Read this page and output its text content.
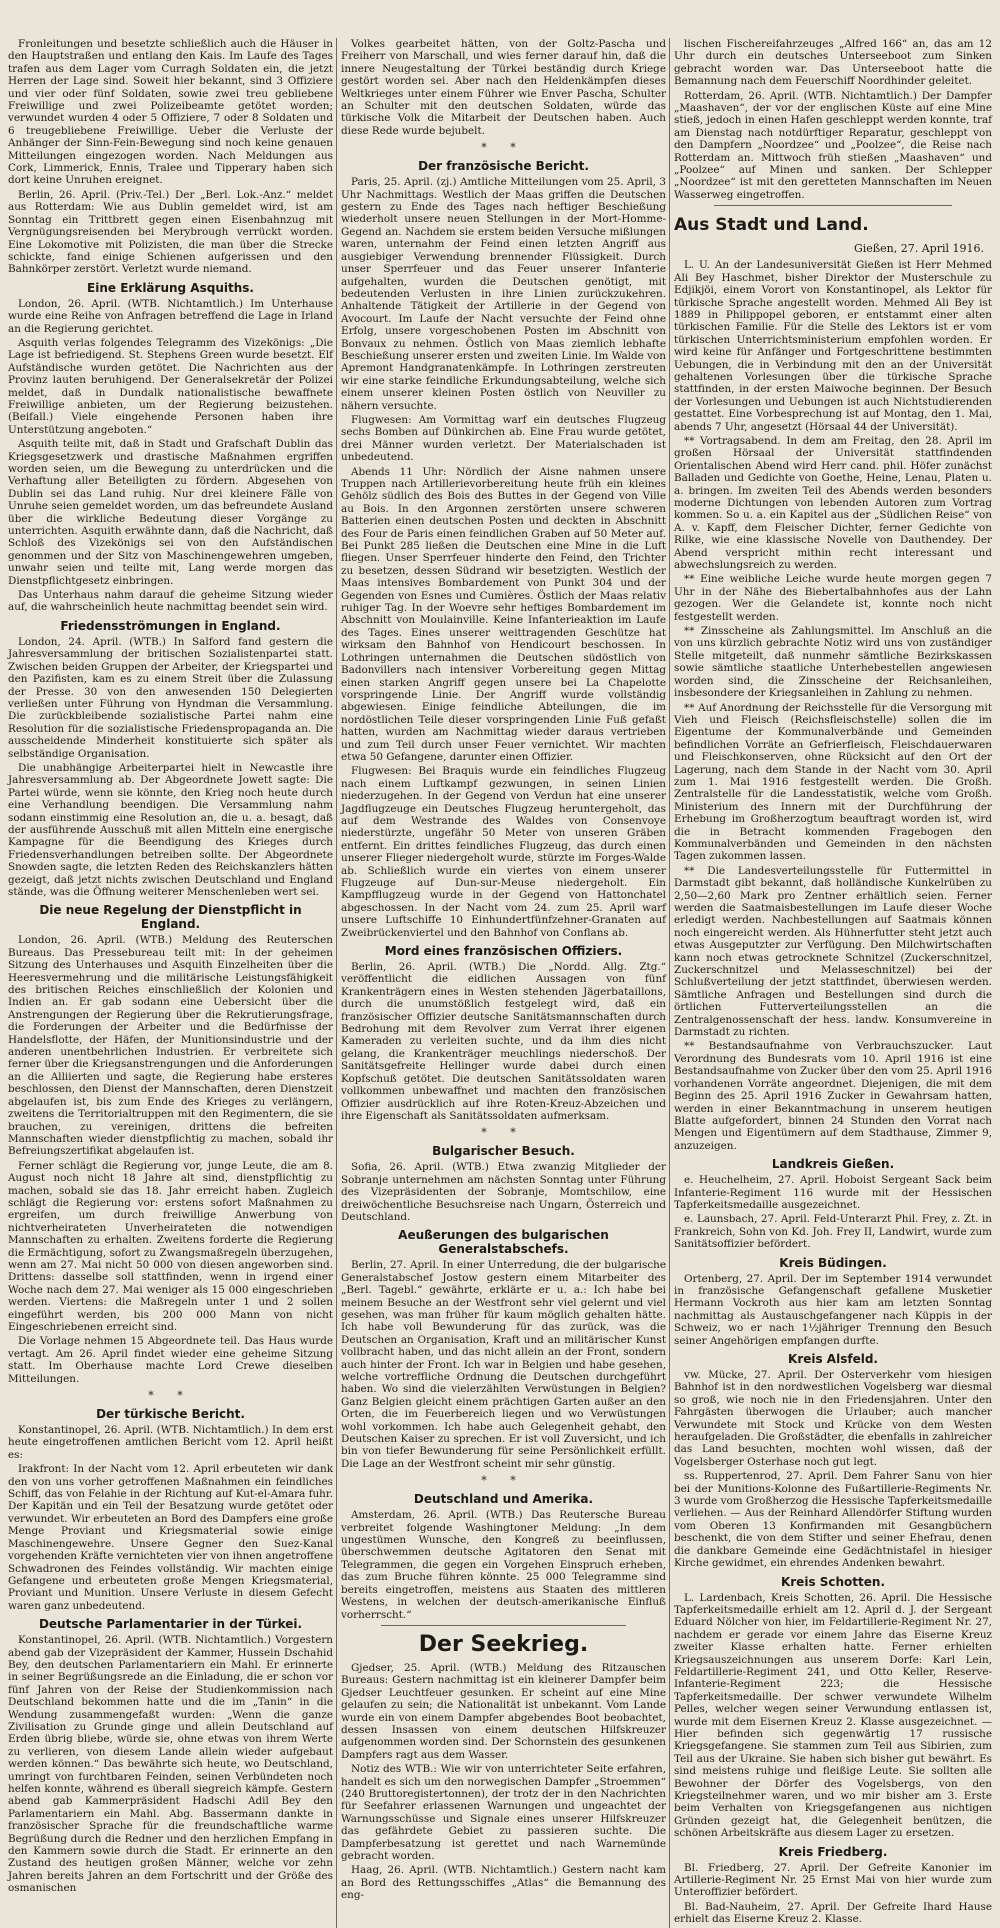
Fronleitungen und besetzte schließlich auch die Häuser in den Hauptstraßen und entlang den Kais. Im Laufe des Tages trafen aus dem Lager vom Curragh Soldaten ein, die jetzt Herren der Lage sind. Soweit hier bekannt, sind 3 Offiziere und vier oder fünf Soldaten, sowie zwei treu gebliebene Freiwillige und zwei Polizeibeamte getötet worden; verwundet wurden 4 oder 5 Offiziere, 7 oder 8 Soldaten und 6 treugebliebene Freiwillige. Ueber die Verluste der Anhänger der Sinn-Fein-Bewegung sind noch keine genauen Mitteilungen eingezogen worden. Nach Meldungen aus Cork, Limmerick, Ennis, Tralee und Tipperary haben sich dort keine Unruhen ereignet.

Berlin, 26. April. (Priv.-Tel.) Der „Berl. Lok.-Anz.“ meldet aus Rotterdam: Wie aus Dublin gemeldet wird, ist am Sonntag ein Trittbrett gegen einen Eisenbahnzug mit Vergnügungsreisenden bei Merybrough verrückt worden. Eine Lokomotive mit Polizisten, die man über die Strecke schickte, fand einige Schienen aufgerissen und den Bahnkörper zerstört. Verletzt wurde niemand.

Eine Erklärung Asquiths.

London, 26. April. (WTB. Nichtamtlich.) Im Unterhause wurde eine Reihe von Anfragen betreffend die Lage in Irland an die Regierung gerichtet.

Asquith verlas folgendes Telegramm des Vizekönigs: „Die Lage ist befriedigend. St. Stephens Green wurde besetzt. Elf Aufständische wurden getötet. Die Nachrichten aus der Provinz lauten beruhigend. Der Generalsekretär der Polizei meldet, daß in Dundalk nationalistische bewaffnete Freiwillige anbieten, um der Regierung beizustehen. (Beifall.) Viele eingehende Personen haben ihre Unterstützung angeboten.“

Asquith teilte mit, daß in Stadt und Grafschaft Dublin das Kriegsgesetzwerk und drastische Maßnahmen ergriffen worden seien, um die Bewegung zu unterdrücken und die Verhaftung aller Beteiligten zu fördern. Abgesehen von Dublin sei das Land ruhig. Nur drei kleinere Fälle von Unruhe seien gemeldet worden, um das befreundete Ausland über die wirkliche Bedeutung dieser Vorgänge zu unterrichten. Asquith erwähnte dann, daß die Nachricht, daß Schloß des Vizekönigs sei von den Aufständischen genommen und der Sitz von Maschinengewehren umgeben, unwahr seien und teilte mit, Lang werde morgen das Dienstpflichtgesetz einbringen.

Das Unterhaus nahm darauf die geheime Sitzung wieder auf, die wahrscheinlich heute nachmittag beendet sein wird.

Friedensströmungen in England.

London, 24. April. (WTB.) In Salford fand gestern die Jahresversammlung der britischen Sozialistenpartei statt. Zwischen beiden Gruppen der Arbeiter, der Kriegspartei und den Pazifisten, kam es zu einem Streit über die Zulassung der Presse. 30 von den anwesenden 150 Delegierten verließen unter Führung von Hyndman die Versammlung. Die zurückbleibende sozialistische Partei nahm eine Resolution für die sozialistische Friedenspropaganda an. Die ausscheidende Minderheit konstituierte sich später als selbständige Organisation.

Die unabhängige Arbeiterpartei hielt in Newcastle ihre Jahresversammlung ab. Der Abgeordnete Jowett sagte: Die Partei würde, wenn sie könnte, den Krieg noch heute durch eine Verhandlung beendigen. Die Versammlung nahm sodann einstimmig eine Resolution an, die u. a. besagt, daß der ausführende Ausschuß mit allen Mitteln eine energische Kampagne für die Beendigung des Krieges durch Friedensverhandlungen betreiben sollte. Der Abgeordnete Snowden sagte, die letzten Reden des Reichskanzlers hätten gezeigt, daß jetzt nichts zwischen Deutschland und England stände, was die Öffnung weiterer Menschenleben wert sei.

Die neue Regelung der Dienstpflicht in England.

London, 26. April. (WTB.) Meldung des Reuterschen Bureaus. Das Pressebureau teilt mit: In der geheimen Sitzung des Unterhauses und Asquith Einzelheiten über die Heeresvermehrung und die militärische Leistungsfähigkeit des britischen Reiches einschließlich der Kolonien und Indien an. Er gab sodann eine Uebersicht über die Anstrengungen der Regierung über die Rekrutierungsfrage, die Forderungen der Arbeiter und die Bedürfnisse der Handelsflotte, der Häfen, der Munitionsindustrie und der anderen unentbehrlichen Industrien. Er verbreitete sich ferner über die Kriegsanstrengungen und die Anforderungen an die Alliierten und sagte, die Regierung habe ersteres beschlossen, den Dienst der Mannschaften, deren Dienstzeit abgelaufen ist, bis zum Ende des Krieges zu verlängern, zweitens die Territorialtruppen mit den Regimentern, die sie brauchen, zu vereinigen, drittens die befreiten Mannschaften wieder dienstpflichtig zu machen, sobald ihr Befreiungszertifikat abgelaufen ist.

Ferner schlägt die Regierung vor, junge Leute, die am 8. August noch nicht 18 Jahre alt sind, dienstpflichtig zu machen, sobald sie das 18. Jahr erreicht haben. Zugleich schlägt die Regierung vor: erstens sofort Maßnahmen zu ergreifen, um durch freiwillige Anwerbung von nichtverheirateten Unverheirateten die notwendigen Mannschaften zu erhalten. Zweitens forderte die Regierung die Ermächtigung, sofort zu Zwangsmaßregeln überzugehen, wenn am 27. Mai nicht 50 000 von diesen angeworben sind. Drittens: dasselbe soll stattfinden, wenn in irgend einer Woche nach dem 27. Mai weniger als 15 000 eingeschrieben werden. Viertens: die Maßregeln unter 1 und 2 sollen eingeführt werden, bis 200 000 Mann von nicht Eingeschriebenen erreicht sind.

Die Vorlage nehmen 15 Abgeordnete teil. Das Haus wurde vertagt. Am 26. April findet wieder eine geheime Sitzung statt. Im Oberhause machte Lord Crewe dieselben Mitteilungen.

* *
Der türkische Bericht.

Konstantinopel, 26. April. (WTB. Nichtamtlich.) In dem erst heute eingetroffenen amtlichen Bericht vom 12. April heißt es:

Irakfront: In der Nacht vom 12. April erbeuteten wir dank den von uns vorher getroffenen Maßnahmen ein feindliches Schiff, das von Felahie in der Richtung auf Kut-el-Amara fuhr. Der Kapitän und ein Teil der Besatzung wurde getötet oder verwundet. Wir erbeuteten an Bord des Dampfers eine große Menge Proviant und Kriegsmaterial sowie einige Maschinengewehre. Unsere Gegner den Suez-Kanal vorgehenden Kräfte vernichteten vier von ihnen angetroffene Schwadronen des Feindes vollständig. Wir machten einige Gefangene und erbeuteten große Mengen Kriegsmaterial, Proviant und Munition. Unsere Verluste in diesem Gefecht waren ganz unbedeutend.

Deutsche Parlamentarier in der Türkei.

Konstantinopel, 26. April. (WTB. Nichtamtlich.) Vorgestern abend gab der Vizepräsident der Kammer, Hussein Dschahid Bey, den deutschen Parlamentariern ein Mahl. Er erinnerte in seiner Begrüßungsrede an die Einladung, die er schon vor fünf Jahren von der Reise der Studienkommission nach Deutschland bekommen hatte und die im „Tanin“ in die Wendung zusammengefaßt wurden: „Wenn die ganze Zivilisation zu Grunde ginge und allein Deutschland auf Erden übrig bliebe, würde sie, ohne etwas von ihrem Werte zu verlieren, von diesem Lande allein wieder aufgebaut werden können.“ Das bewährte sich heute, wo Deutschland, umringt von furchtbaren Feinden, seinen Verbündeten noch helfen konnte, während es überall siegreich kämpfe. Gestern abend gab Kammerpräsident Hadschi Adil Bey den Parlamentariern ein Mahl. Abg. Bassermann dankte in französischer Sprache für die freundschaftliche warme Begrüßung durch die Redner und den herzlichen Empfang in den Kammern sowie durch die Stadt. Er erinnerte an den Zustand des heutigen großen Männer, welche vor zehn Jahren bereits Jahren an dem Fortschritt und der Größe des osmanischen

Volkes gearbeitet hätten, von der Goltz-Pascha und Freiherr von Marschall, und wies ferner darauf hin, daß die innere Neugestaltung der Türkei beständig durch Kriege gestört worden sei. Aber nach den Heldenkämpfen dieses Weltkrieges unter einem Führer wie Enver Pascha, Schulter an Schulter mit den deutschen Soldaten, würde das türkische Volk die Mitarbeit der Deutschen haben. Auch diese Rede wurde bejubelt.

* *
Der französische Bericht.

Paris, 25. April. (zj.) Amtliche Mitteilungen vom 25. April, 3 Uhr Nachmittags. Westlich der Maas griffen die Deutschen gestern zu Ende des Tages nach heftiger Beschießung wiederholt unsere neuen Stellungen in der Mort-Homme-Gegend an. Nachdem sie erstem beiden Versuche mißlungen waren, unternahm der Feind einen letzten Angriff aus ausgiebiger Verwendung brennender Flüssigkeit. Durch unser Sperrfeuer und das Feuer unserer Infanterie aufgehalten, wurden die Deutschen genötigt, mit bedeutenden Verlusten in ihre Linien zurückzukehren. Anhaltende Tätigkeit der Artillerie in der Gegend von Avocourt. Im Laufe der Nacht versuchte der Feind ohne Erfolg, unsere vorgeschobenen Posten im Abschnitt von Bonvaux zu nehmen. Östlich von Maas ziemlich lebhafte Beschießung unserer ersten und zweiten Linie. Im Walde von Apremont Handgranatenkämpfe. In Lothringen zerstreuten wir eine starke feindliche Erkundungsabteilung, welche sich einem unserer kleinen Posten östlich von Neuviller zu nähern versuchte.

Flugwesen: Am Vormittag warf ein deutsches Flugzeug sechs Bomben auf Dünkirchen ab. Eine Frau wurde getötet, drei Männer wurden verletzt. Der Materialschaden ist unbedeutend.

Abends 11 Uhr: Nördlich der Aisne nahmen unsere Truppen nach Artillerievorbereitung heute früh ein kleines Gehölz südlich des Bois des Buttes in der Gegend von Ville au Bois. In den Argonnen zerstörten unsere schweren Batterien einen deutschen Posten und deckten in Abschnitt des Four de Paris einen feindlichen Graben auf 50 Meter auf. Bei Punkt 285 ließen die Deutschen eine Mine in die Luft fliegen. Unser Sperrfeuer hinderte den Feind, den Trichter zu besetzen, dessen Südrand wir besetzigten. Westlich der Maas intensives Bombardement von Punkt 304 und der Gegenden von Esnes und Cumières. Östlich der Maas relativ ruhiger Tag. In der Woevre sehr heftiges Bombardement im Abschnitt von Moulainville. Keine Infanterieaktion im Laufe des Tages. Eines unserer weittragenden Geschütze hat wirksam den Bahnhof von Hendicourt beschossen. In Lothringen unternahmen die Deutschen südöstlich von Badonvillers nach intensiver Vorbereitung gegen Mittag einen starken Angriff gegen unsere bei La Chapelotte vorspringende Linie. Der Angriff wurde vollständig abgewiesen. Einige feindliche Abteilungen, die im nordöstlichen Teile dieser vorspringenden Linie Fuß gefaßt hatten, wurden am Nachmittag wieder daraus vertrieben und zum Teil durch unser Feuer vernichtet. Wir machten etwa 50 Gefangene, darunter einen Offizier.

Flugwesen: Bei Braquis wurde ein feindliches Flugzeug nach einem Luftkampf gezwungen, in seinen Linien niederzugehen. In der Gegend von Verdun hat eine unserer Jagdflugzeuge ein Deutsches Flugzeug heruntergeholt, das auf dem Westrande des Waldes von Consenvoye niederstürzte, ungefähr 50 Meter von unseren Gräben entfernt. Ein drittes feindliches Flugzeug, das durch einen unserer Flieger niedergeholt wurde, stürzte im Forges-Walde ab. Schließlich wurde ein viertes von einem unserer Flugzeuge auf Dun-sur-Meuse niedergeholt. Ein Kampfflugzeug wurde in der Gegend von Hattonchatel abgeschossen. In der Nacht vom 24. zum 25. April warf unsere Luftschiffe 10 Einhundertfünfzehner-Granaten auf Zweibrückenviertel und den Bahnhof von Conflans ab.

Mord eines französischen Offiziers.

Berlin, 26. April. (WTB.) Die „Nordd. Allg. Ztg.“ veröffentlicht die eidlichen Aussagen von fünf Krankenträgern eines in Westen stehenden Jägerbataillons, durch die unumstößlich festgelegt wird, daß ein französischer Offizier deutsche Sanitätsmannschaften durch Bedrohung mit dem Revolver zum Verrat ihrer eigenen Kameraden zu verleiten suchte, und da ihm dies nicht gelang, die Krankenträger meuchlings niederschoß. Der Sanitätsgefreite Hellinger wurde dabei durch einen Kopfschuß getötet. Die deutschen Sanitätssoldaten waren vollkommen unbewaffnet und machten den französischen Offizier ausdrücklich auf ihre Roten-Kreuz-Abzeichen und ihre Eigenschaft als Sanitätssoldaten aufmerksam.

* *
Bulgarischer Besuch.

Sofia, 26. April. (WTB.) Etwa zwanzig Mitglieder der Sobranje unternehmen am nächsten Sonntag unter Führung des Vizepräsidenten der Sobranje, Momtschilow, eine dreiwöchentliche Besuchsreise nach Ungarn, Österreich und Deutschland.

Aeußerungen des bulgarischen Generalstabschefs.

Berlin, 27. April. In einer Unterredung, die der bulgarische Generalstabschef Jostow gestern einem Mitarbeiter des „Berl. Tagebl.“ gewährte, erklärte er u. a.: Ich habe bei meinem Besuche an der Westfront sehr viel gelernt und viel gesehen, was man früher für kaum möglich gehalten hätte. Ich habe voll Bewunderung für das zurück, was die Deutschen an Organisation, Kraft und an militärischer Kunst vollbracht haben, und das nicht allein an der Front, sondern auch hinter der Front. Ich war in Belgien und habe gesehen, welche vortreffliche Ordnung die Deutschen durchgeführt haben. Wo sind die vielerzählten Verwüstungen in Belgien? Ganz Belgien gleicht einem prächtigen Garten außer an den Orten, die im Feuerbereich liegen und wo Verwüstungen wohl vorkommen. Ich habe auch Gelegenheit gehabt, den Deutschen Kaiser zu sprechen. Er ist voll Zuversicht, und ich bin von tiefer Bewunderung für seine Persönlichkeit erfüllt. Die Lage an der Westfront scheint mir sehr günstig.

* *
Deutschland und Amerika.

Amsterdam, 26. April. (WTB.) Das Reutersche Bureau verbreitet folgende Washingtoner Meldung: „In dem ungestümen Wunsche, den Kongreß zu beeinflussen, überschwemmen deutsche Agitatoren den Senat mit Telegrammen, die gegen ein Vorgehen Einspruch erheben, das zum Bruche führen könnte. 25 000 Telegramme sind bereits eingetroffen, meistens aus Staaten des mittleren Westens, in welchen der deutsch-amerikanische Einfluß vorherrscht.“

Der Seekrieg.

Gjedser, 25. April. (WTB.) Meldung des Ritzauschen Bureaus: Gestern nachmittag ist ein kleinerer Dampfer beim Gjedser Leuchtfeuer gesunken. Er scheint auf eine Mine gelaufen zu sein; die Nationalität ist unbekannt. Vom Lande wurde ein von einem Dampfer abgebendes Boot beobachtet, dessen Insassen von einem deutschen Hilfskreuzer aufgenommen worden sind. Der Schornstein des gesunkenen Dampfers ragt aus dem Wasser.

Notiz des WTB.: Wie wir von unterrichteter Seite erfahren, handelt es sich um den norwegischen Dampfer „Stroemmen“ (240 Bruttoregistertonnen), der trotz der in den Nachrichten für Seefahrer erlassenen Warnungen und ungeachtet der Warnungsschüsse und Signale eines unserer Hilfskreuzer das gefährdete Gebiet zu passieren suchte. Die Dampferbesatzung ist gerettet und nach Warnemünde gebracht worden.

Haag, 26. April. (WTB. Nichtamtlich.) Gestern nacht kam an Bord des Rettungsschiffes „Atlas“ die Bemannung des eng-

lischen Fischereifahrzeuges „Alfred 166“ an, das am 12 Uhr durch ein deutsches Unterseeboot zum Sinken gebracht worden war. Das Unterseeboot hatte die Bemannung nach dem Feuerschiff Noordhinder geleitet.

Rotterdam, 26. April. (WTB. Nichtamtlich.) Der Dampfer „Maashaven“, der vor der englischen Küste auf eine Mine stieß, jedoch in einen Hafen geschleppt werden konnte, traf am Dienstag nach notdürftiger Reparatur, geschleppt von den Dampfern „Noordzee“ und „Poolzee“, die Reise nach Rotterdam an. Mittwoch früh stießen „Maashaven“ und „Poolzee“ auf Minen und sanken. Der Schlepper „Noordzee“ ist mit den geretteten Mannschaften im Neuen Wasserweg eingetroffen.

Aus Stadt und Land.
Gießen, 27. April 1916.

L. U. An der Landesuniversität Gießen ist Herr Mehmed Ali Bey Haschmet, bisher Direktor der Musterschule zu Edjikjöi, einem Vorort von Konstantinopel, als Lektor für türkische Sprache angestellt worden. Mehmed Ali Bey ist 1889 in Philippopel geboren, er entstammt einer alten türkischen Familie. Für die Stelle des Lektors ist er vom türkischen Unterrichtsministerium empfohlen worden. Er wird keine für Anfänger und Fortgeschrittene bestimmten Uebungen, die in Verbindung mit den an der Universität gehaltenen Vorlesungen über die türkische Sprache stattfinden, in der ersten Maiwoche beginnen. Der Besuch der Vorlesungen und Uebungen ist auch Nichtstudierenden gestattet. Eine Vorbesprechung ist auf Montag, den 1. Mai, abends 7 Uhr, angesetzt (Hörsaal 44 der Universität).

** Vortragsabend. In dem am Freitag, den 28. April im großen Hörsaal der Universität stattfindenden Orientalischen Abend wird Herr cand. phil. Höfer zunächst Balladen und Gedichte von Goethe, Heine, Lenau, Platen u. a. bringen. Im zweiten Teil des Abends werden besonders moderne Dichtungen von lebenden Autoren zum Vortrag kommen. So u. a. ein Kapitel aus der „Südlichen Reise“ von A. v. Kapff, dem Fleischer Dichter, ferner Gedichte von Rilke, wie eine klassische Novelle von Dauthendey. Der Abend verspricht mithin recht interessant und abwechslungsreich zu werden.

** Eine weibliche Leiche wurde heute morgen gegen 7 Uhr in der Nähe des Biebertalbahnhofes aus der Lahn gezogen. Wer die Gelandete ist, konnte noch nicht festgestellt werden.

** Zinsscheine als Zahlungsmittel. Im Anschluß an die von uns kürzlich gebrachte Notiz wird uns von zuständiger Stelle mitgeteilt, daß nunmehr sämtliche Bezirkskassen sowie sämtliche staatliche Unterhebestellen angewiesen worden sind, die Zinsscheine der Reichsanleihen, insbesondere der Kriegsanleihen in Zahlung zu nehmen.

** Auf Anordnung der Reichsstelle für die Versorgung mit Vieh und Fleisch (Reichsfleischstelle) sollen die im Eigentume der Kommunalverbände und Gemeinden befindlichen Vorräte an Gefrierfleisch, Fleischdauerwaren und Fleischkonserven, ohne Rücksicht auf den Ort der Lagerung, nach dem Stande in der Nacht vom 30. April zum 1. Mai 1916 festgestellt werden. Die Großh. Zentralstelle für die Landesstatistik, welche vom Großh. Ministerium des Innern mit der Durchführung der Erhebung im Großherzogtum beauftragt worden ist, wird die in Betracht kommenden Fragebogen den Kommunalverbänden und Gemeinden in den nächsten Tagen zukommen lassen.

** Die Landesverteilungsstelle für Futtermittel in Darmstadt gibt bekannt, daß holländische Kunkelrüben zu 2,50—2,60 Mark pro Zentner erhältlich seien. Ferner werden die Saatmaisbestellungen im Laufe dieser Woche erledigt werden. Nachbestellungen auf Saatmais können noch eingereicht werden. Als Hühnerfutter steht jetzt auch etwas Ausgeputzter zur Verfügung. Den Milchwirtschaften kann noch etwas getrocknete Schnitzel (Zuckerschnitzel, Zuckerschnitzel und Melasseschnitzel) bei der Schlußverteilung der jetzt stattfindet, überwiesen werden. Sämtliche Anfragen und Bestellungen sind durch die örtlichen Futterverteilungsstellen an die Zentralgenossenschaft der hess. landw. Konsumvereine in Darmstadt zu richten.

** Bestandsaufnahme von Verbrauchszucker. Laut Verordnung des Bundesrats vom 10. April 1916 ist eine Bestandsaufnahme von Zucker über den vom 25. April 1916 vorhandenen Vorräte angeordnet. Diejenigen, die mit dem Beginn des 25. April 1916 Zucker in Gewahrsam hatten, werden in einer Bekanntmachung in unserem heutigen Blatte aufgefordert, binnen 24 Stunden den Vorrat nach Mengen und Eigentümern auf dem Stadthause, Zimmer 9, anzuzeigen.

Landkreis Gießen.

e. Heuchelheim, 27. April. Hoboist Sergeant Sack beim Infanterie-Regiment 116 wurde mit der Hessischen Tapferkeitsmedaille ausgezeichnet.

e. Launsbach, 27. April. Feld-Unterarzt Phil. Frey, z. Zt. in Frankreich, Sohn von Kd. Joh. Frey II, Landwirt, wurde zum Sanitätsoffizier befördert.

Kreis Büdingen.

Ortenberg, 27. April. Der im September 1914 verwundet in französische Gefangenschaft gefallene Musketier Hermann Vockroth aus hier kam am letzten Sonntag nachmittag als Austauschgefangener nach Küppis in der Schweiz, wo er nach 1½jähriger Trennung den Besuch seiner Angehörigen empfangen durfte.

Kreis Alsfeld.

vw. Mücke, 27. April. Der Osterverkehr vom hiesigen Bahnhof ist in den nordwestlichen Vogelsberg war diesmal so groß, wie noch nie in den Friedensjahren. Unter den Fahrgästen überwogen die Urlauber; auch mancher Verwundete mit Stock und Krücke von dem Westen heraufgeladen. Die Großstädter, die ebenfalls in zahlreicher das Land besuchten, mochten wohl wissen, daß der Vogelsberger Osterhase noch gut legt.

ss. Ruppertenrod, 27. April. Dem Fahrer Sanu von hier bei der Munitions-Kolonne des Fußartillerie-Regiments Nr. 3 wurde vom Großherzog die Hessische Tapferkeitsmedaille verliehen. — Aus der Reinhard Allendörfer Stiftung wurden vom Oberen 13 Konfirmanden mit Gesangbüchern beschenkt, die von dem Stifter und seiner Ehefrau, denen die dankbare Gemeinde eine Gedächtnistafel in hiesiger Kirche gewidmet, ein ehrendes Andenken bewahrt.

Kreis Schotten.

L. Lardenbach, Kreis Schotten, 26. April. Die Hessische Tapferkeitsmedaille erhielt am 12. April d. J. der Sergeant Eduard Nölcher von hier, im Feldartillerie-Regiment Nr. 27, nachdem er gerade vor einem Jahre das Eiserne Kreuz zweiter Klasse erhalten hatte. Ferner erhielten Kriegsauszeichnungen aus unserem Dorfe: Karl Lein, Feldartillerie-Regiment 241, und Otto Keller, Reserve-Infanterie-Regiment 223; die Hessische Tapferkeitsmedaille. Der schwer verwundete Wilhelm Pelles, welcher wegen seiner Verwundung entlassen ist, wurde mit dem Eisernen Kreuz 2. Klasse ausgezeichnet. — Hier befinden sich gegenwärtig 17 russische Kriegsgefangene. Sie stammen zum Teil aus Sibirien, zum Teil aus der Ukraine. Sie haben sich bisher gut bewährt. Es sind meistens ruhige und fleißige Leute. Sie sollten alle Bewohner der Dörfer des Vogelsbergs, von den Kriegsteilnehmer waren, und wo mir bisher am 3. Erste beim Verhalten von Kriegsgefangenen aus nichtigen Gründen gezeigt hat, die Gelegenheit benützen, die schönen Arbeitskräfte aus diesem Lager zu ersetzen.

Kreis Friedberg.

Bl. Friedberg, 27. April. Der Gefreite Kanonier im Artillerie-Regiment Nr. 25 Ernst Mai von hier wurde zum Unteroffizier befördert.

Bl. Bad-Nauheim, 27. April. Der Gefreite Ihard Hause erhielt das Eiserne Kreuz 2. Klasse.
